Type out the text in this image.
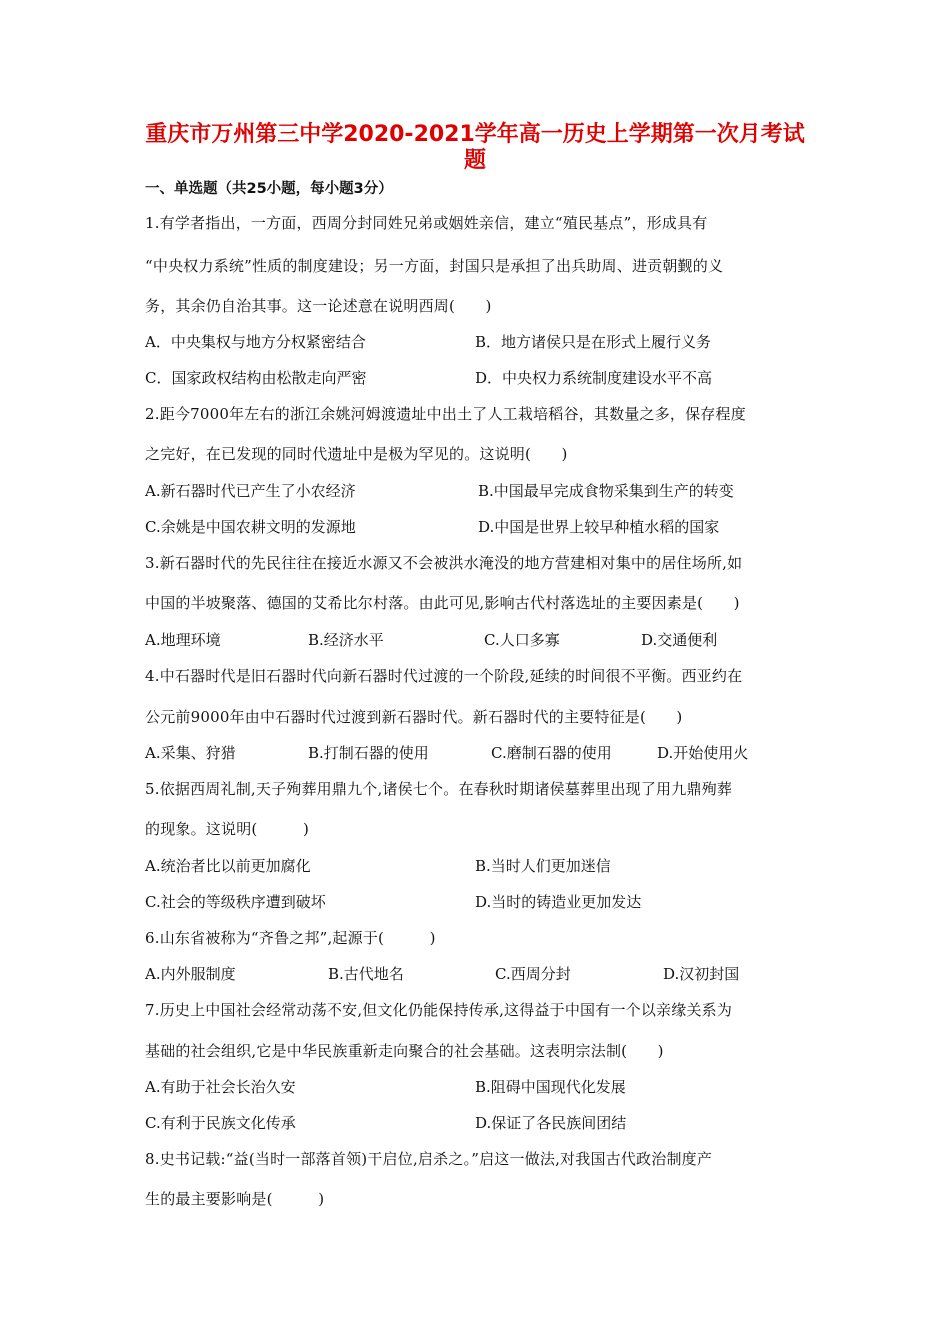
重庆市万州第三中学2020-2021学年高一历史上学期第一次月考试
题
一、单选题（共25小题，每小题3分）
1.有学者指出，一方面，西周分封同姓兄弟或姻姓亲信，建立“殖民基点”，形成具有
“中央权力系统”性质的制度建设；另一方面，封国只是承担了出兵助周、进贡朝觐的义
务，其余仍自治其事。这一论述意在说明西周(　　)
A．中央集权与地方分权紧密结合	B．地方诸侯只是在形式上履行义务
C．国家政权结构由松散走向严密	D．中央权力系统制度建设水平不高
2.距今7000年左右的浙江余姚河姆渡遗址中出土了人工栽培稻谷，其数量之多，保存程度
之完好，在已发现的同时代遗址中是极为罕见的。这说明(　　)
A.新石器时代已产生了小农经济	B.中国最早完成食物采集到生产的转变
C.余姚是中国农耕文明的发源地	D.中国是世界上较早种植水稻的国家
3.新石器时代的先民往往在接近水源又不会被洪水淹没的地方营建相对集中的居住场所,如
中国的半坡聚落、德国的艾希比尔村落。由此可见,影响古代村落选址的主要因素是(　　)
A.地理环境	B.经济水平	C.人口多寡	D.交通便利
4.中石器时代是旧石器时代向新石器时代过渡的一个阶段,延续的时间很不平衡。西亚约在
公元前9000年由中石器时代过渡到新石器时代。新石器时代的主要特征是(　　)
A.采集、狩猎	B.打制石器的使用	C.磨制石器的使用	D.开始使用火
5.依据西周礼制,天子殉葬用鼎九个,诸侯七个。在春秋时期诸侯墓葬里出现了用九鼎殉葬
的现象。这说明(　　　)
A.统治者比以前更加腐化	B.当时人们更加迷信
C.社会的等级秩序遭到破坏	D.当时的铸造业更加发达
6.山东省被称为“齐鲁之邦”,起源于(　　　)
A.内外服制度	B.古代地名	C.西周分封	D.汉初封国
7.历史上中国社会经常动荡不安,但文化仍能保持传承,这得益于中国有一个以亲缘关系为
基础的社会组织,它是中华民族重新走向聚合的社会基础。这表明宗法制(　　)
A.有助于社会长治久安	B.阻碍中国现代化发展
C.有利于民族文化传承	D.保证了各民族间团结
8.史书记载:“益(当时一部落首领)干启位,启杀之。”启这一做法,对我国古代政治制度产
生的最主要影响是(　　　)
